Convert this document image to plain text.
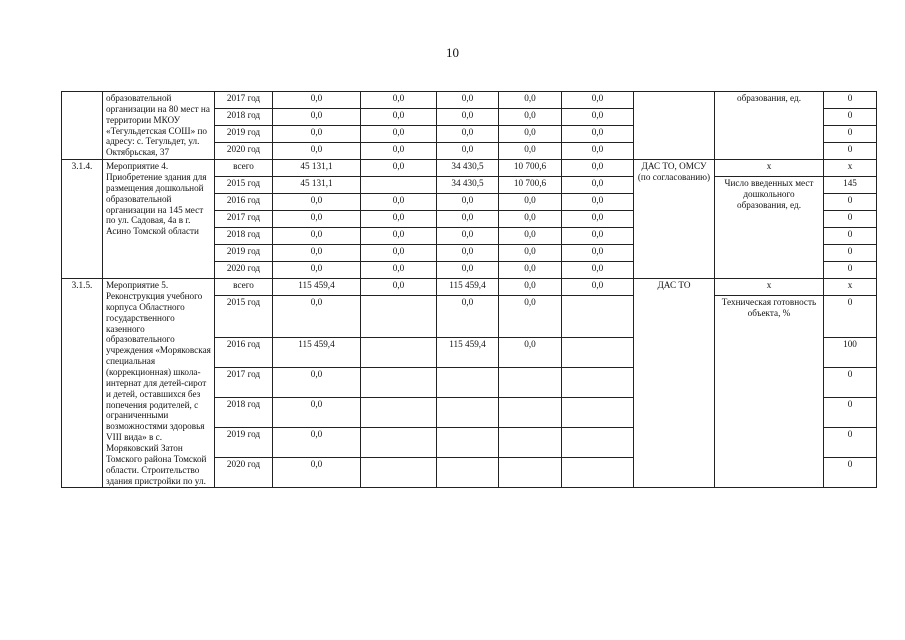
10
	образовательной организации на 80 мест на территории МКОУ «Тегульдетская СОШ» по адресу: с. Тегульдет, ул. Октябрьская, 37	2017 год	0,0	0,0	0,0	0,0	0,0		образования, ед.	0
		2018 год	0,0	0,0	0,0	0,0	0,0			0
		2019 год	0,0	0,0	0,0	0,0	0,0			0
		2020 год	0,0	0,0	0,0	0,0	0,0			0
3.1.4.	Мероприятие 4. Приобретение здания для размещения дошкольной образовательной организации на 145 мест по ул. Садовая, 4а в г. Асино Томской области	всего	45 131,1	0,0	34 430,5	10 700,6	0,0	ДАС ТО, ОМСУ (по согласованию)	х	х
		2015 год	45 131,1		34 430,5	10 700,6	0,0		Число введенных мест дошкольного образования, ед.	145
		2016 год	0,0	0,0	0,0	0,0	0,0			0
		2017 год	0,0	0,0	0,0	0,0	0,0			0
		2018 год	0,0	0,0	0,0	0,0	0,0			0
		2019 год	0,0	0,0	0,0	0,0	0,0			0
		2020 год	0,0	0,0	0,0	0,0	0,0			0
3.1.5.	Мероприятие 5. Реконструкция учебного корпуса Областного государственного казенного образовательного учреждения «Моряковская специальная (коррекционная) школа-интернат для детей-сирот и детей, оставшихся без попечения родителей, с ограниченными возможностями здоровья VIII вида» в с. Моряковский Затон Томского района Томской области. Строительство здания пристройки по ул.	всего	115 459,4	0,0	115 459,4	0,0	0,0	ДАС ТО	х	х
		2015 год	0,0		0,0	0,0			Техническая готовность объекта, %	0
		2016 год	115 459,4		115 459,4	0,0				100
		2017 год	0,0							0
		2018 год	0,0							0
		2019 год	0,0							0
		2020 год	0,0							0
